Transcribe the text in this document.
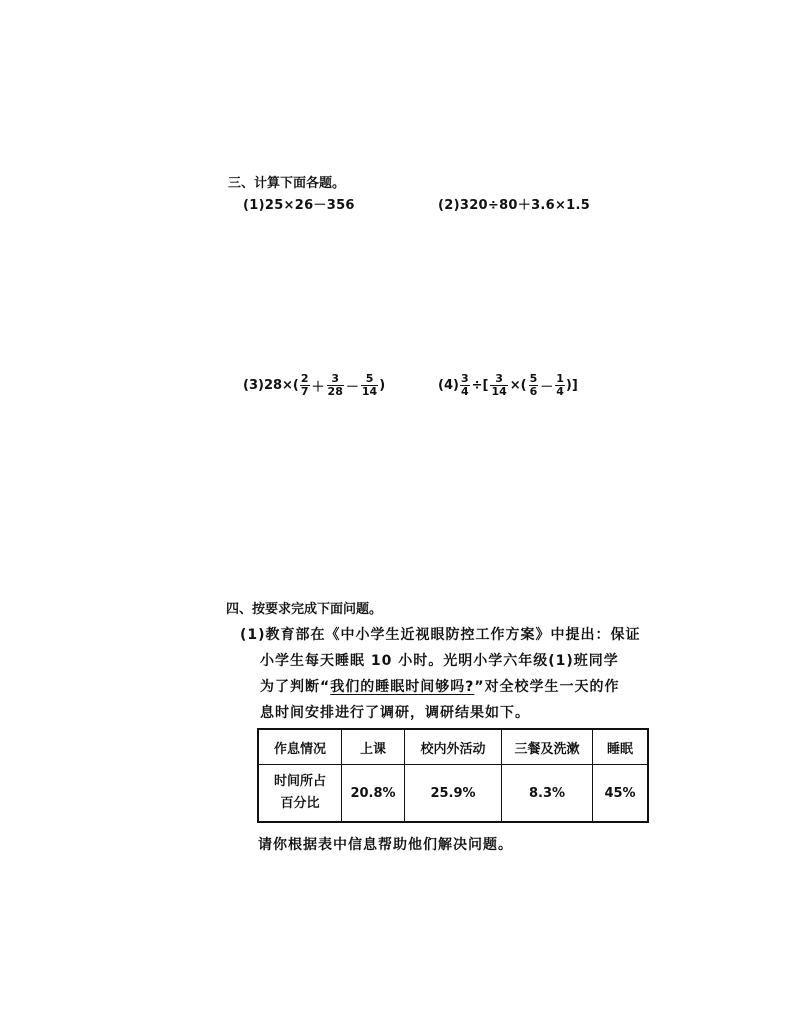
三、计算下面各题。
(1)25×26－356	(2)320÷80＋3.6×1.5
(3) $28\times( \frac{2}{7} + \frac{3}{28} - \frac{5}{14}$ )	$(4) \frac{3}{4}$ ÷[ $\frac{3}{14}$ ×( $\frac{5}{6} - \frac{1}{4}$ )]
四、按要求完成下面问题。
(1)教育部在《中小学生近视眼防控工作方案》中提出：保证
小学生每天睡眠 10 小时。光明小学六年级(1)班同学
为了判断“我们的睡眠时间够吗?”对全校学生一天的作
息时间安排进行了调研，调研结果如下。
作息情况	上课	校内外活动	三餐及洗漱	睡眠

时间所占
百分比	20.8%	25.9%	8.3%	45%
请你根据表中信息帮助他们解决问题。
